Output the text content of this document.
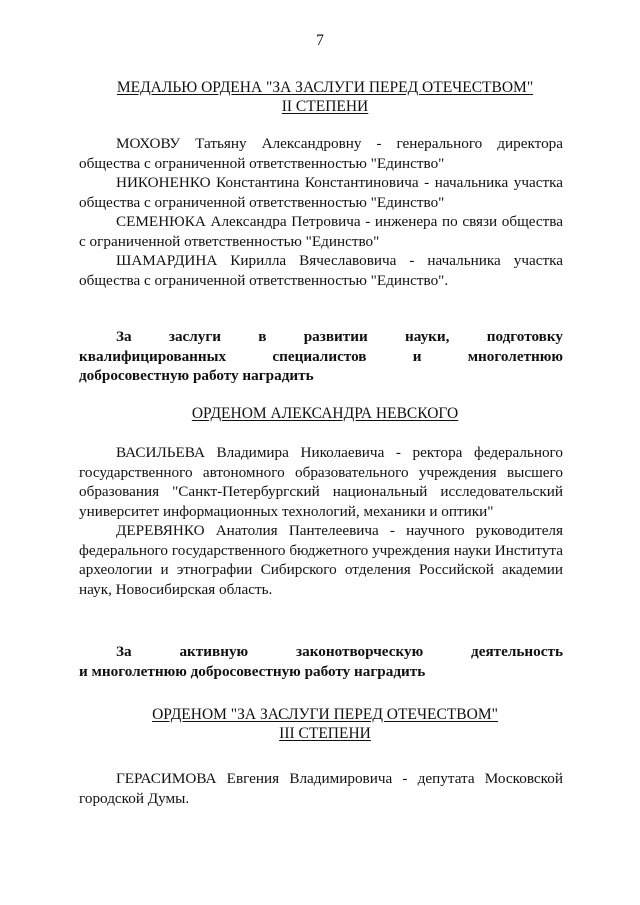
7
МЕДАЛЬЮ ОРДЕНА "ЗА ЗАСЛУГИ ПЕРЕД ОТЕЧЕСТВОМ"
II СТЕПЕНИ

МОХОВУ Татьяну Александровну - генерального директора общества с ограниченной ответственностью "Единство"

НИКОНЕНКО Константина Константиновича - начальника участка общества с ограниченной ответственностью "Единство"

СЕМЕНЮКА Александра Петровича - инженера по связи общества с ограниченной ответственностью "Единство"

ШАМАРДИНА Кирилла Вячеславовича - начальника участка общества с ограниченной ответственностью "Единство".

За заслуги в развитии науки, подготовку
квалифицированных специалистов и многолетнюю
добросовестную работу наградить
ОРДЕНОМ АЛЕКСАНДРА НЕВСКОГО

ВАСИЛЬЕВА Владимира Николаевича - ректора федерального государственного автономного образовательного учреждения высшего образования "Санкт-Петербургский национальный исследовательский университет информационных технологий, механики и оптики"

ДЕРЕВЯНКО Анатолия Пантелеевича - научного руководителя федерального государственного бюджетного учреждения науки Института археологии и этнографии Сибирского отделения Российской академии наук, Новосибирская область.

За активную законотворческую деятельность
и многолетнюю добросовестную работу наградить
ОРДЕНОМ "ЗА ЗАСЛУГИ ПЕРЕД ОТЕЧЕСТВОМ"
III СТЕПЕНИ

ГЕРАСИМОВА Евгения Владимировича - депутата Московской городской Думы.
